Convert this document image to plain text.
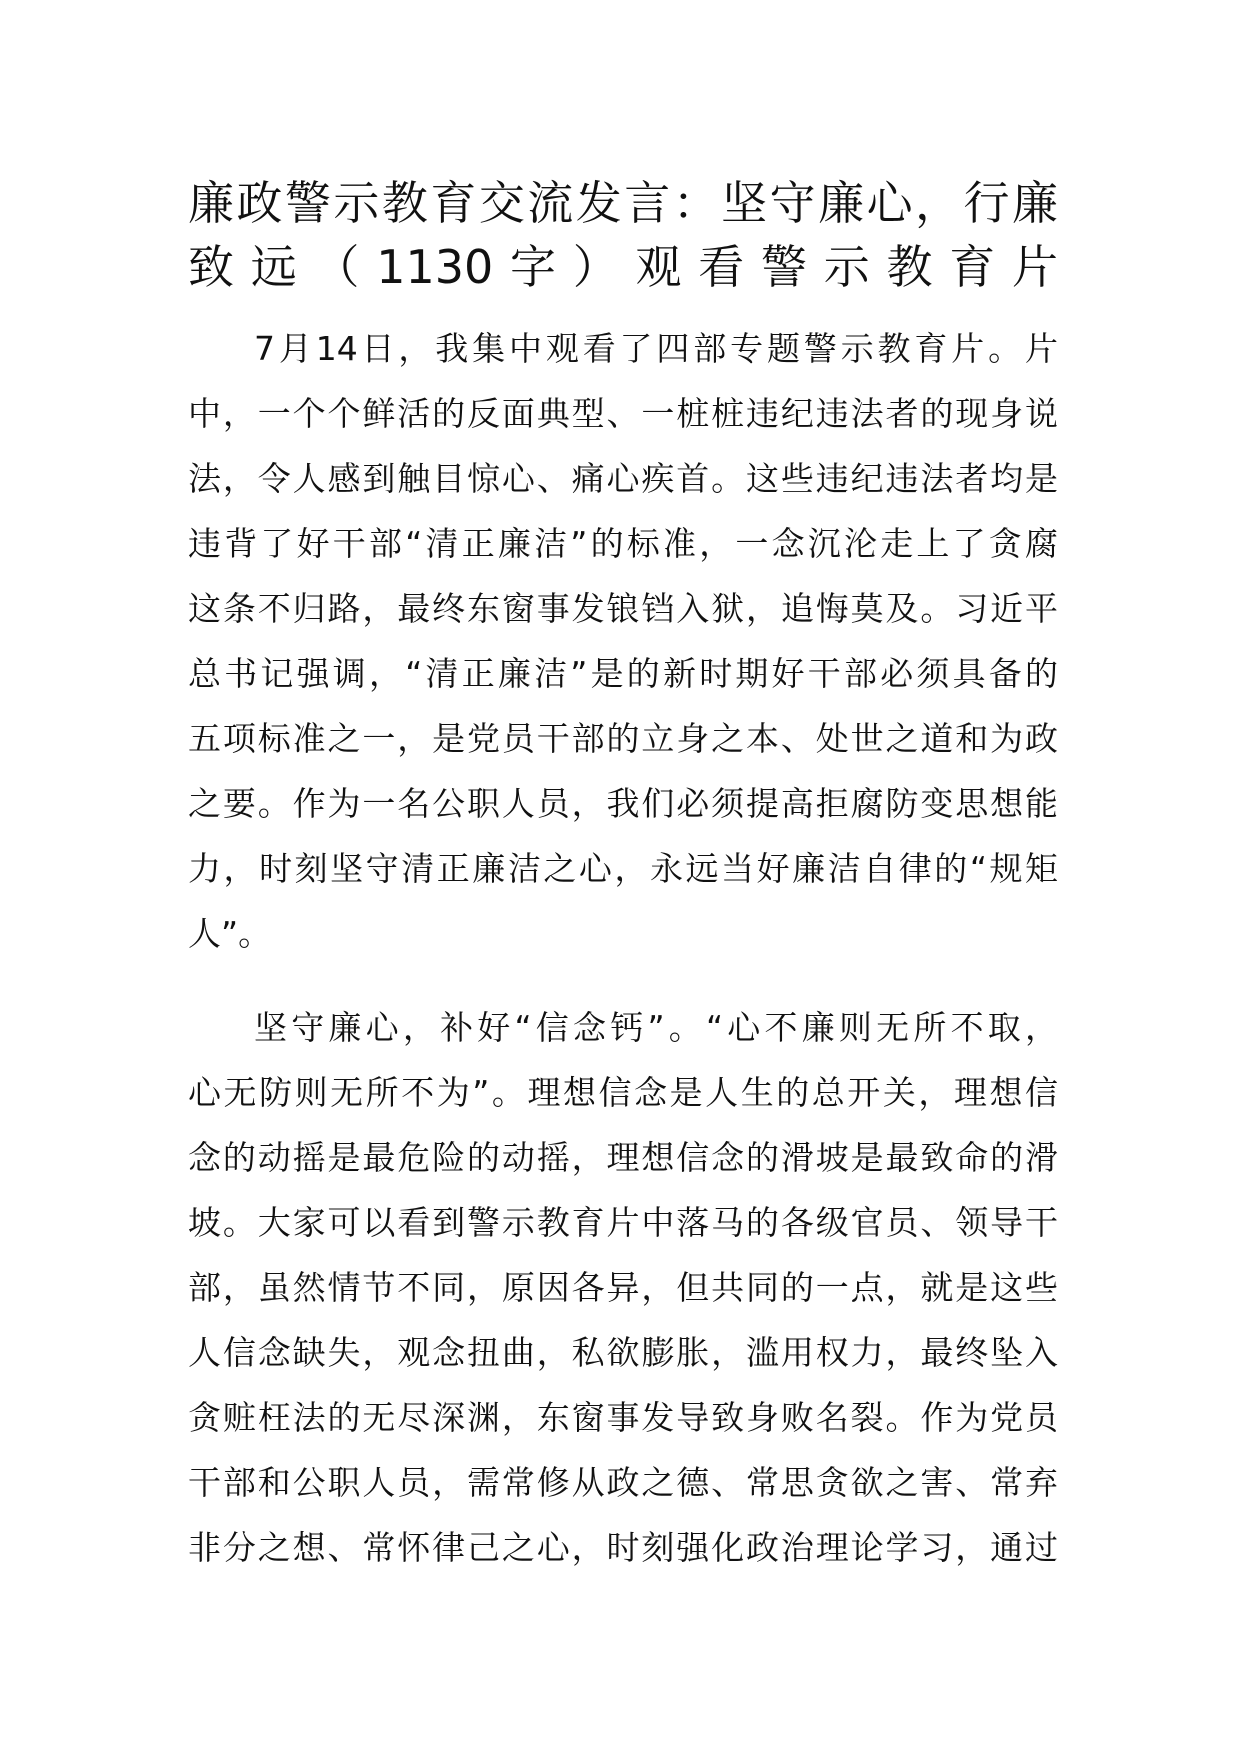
廉政警示教育交流发言：坚守廉心，行廉
致远（1130字）观看警示教育片
7月14日，我集中观看了四部专题警示教育片。片
中，一个个鲜活的反面典型、一桩桩违纪违法者的现身说
法，令人感到触目惊心、痛心疾首。这些违纪违法者均是
违背了好干部“清正廉洁”的标准，一念沉沦走上了贪腐
这条不归路，最终东窗事发锒铛入狱，追悔莫及。习近平
总书记强调，“清正廉洁”是的新时期好干部必须具备的
五项标准之一，是党员干部的立身之本、处世之道和为政
之要。作为一名公职人员，我们必须提高拒腐防变思想能
力，时刻坚守清正廉洁之心，永远当好廉洁自律的“规矩
人”。
坚守廉心，补好“信念钙”。“心不廉则无所不取，
心无防则无所不为”。理想信念是人生的总开关，理想信
念的动摇是最危险的动摇，理想信念的滑坡是最致命的滑
坡。大家可以看到警示教育片中落马的各级官员、领导干
部，虽然情节不同，原因各异，但共同的一点，就是这些
人信念缺失，观念扭曲，私欲膨胀，滥用权力，最终坠入
贪赃枉法的无尽深渊，东窗事发导致身败名裂。作为党员
干部和公职人员，需常修从政之德、常思贪欲之害、常弃
非分之想、常怀律己之心，时刻强化政治理论学习，通过
